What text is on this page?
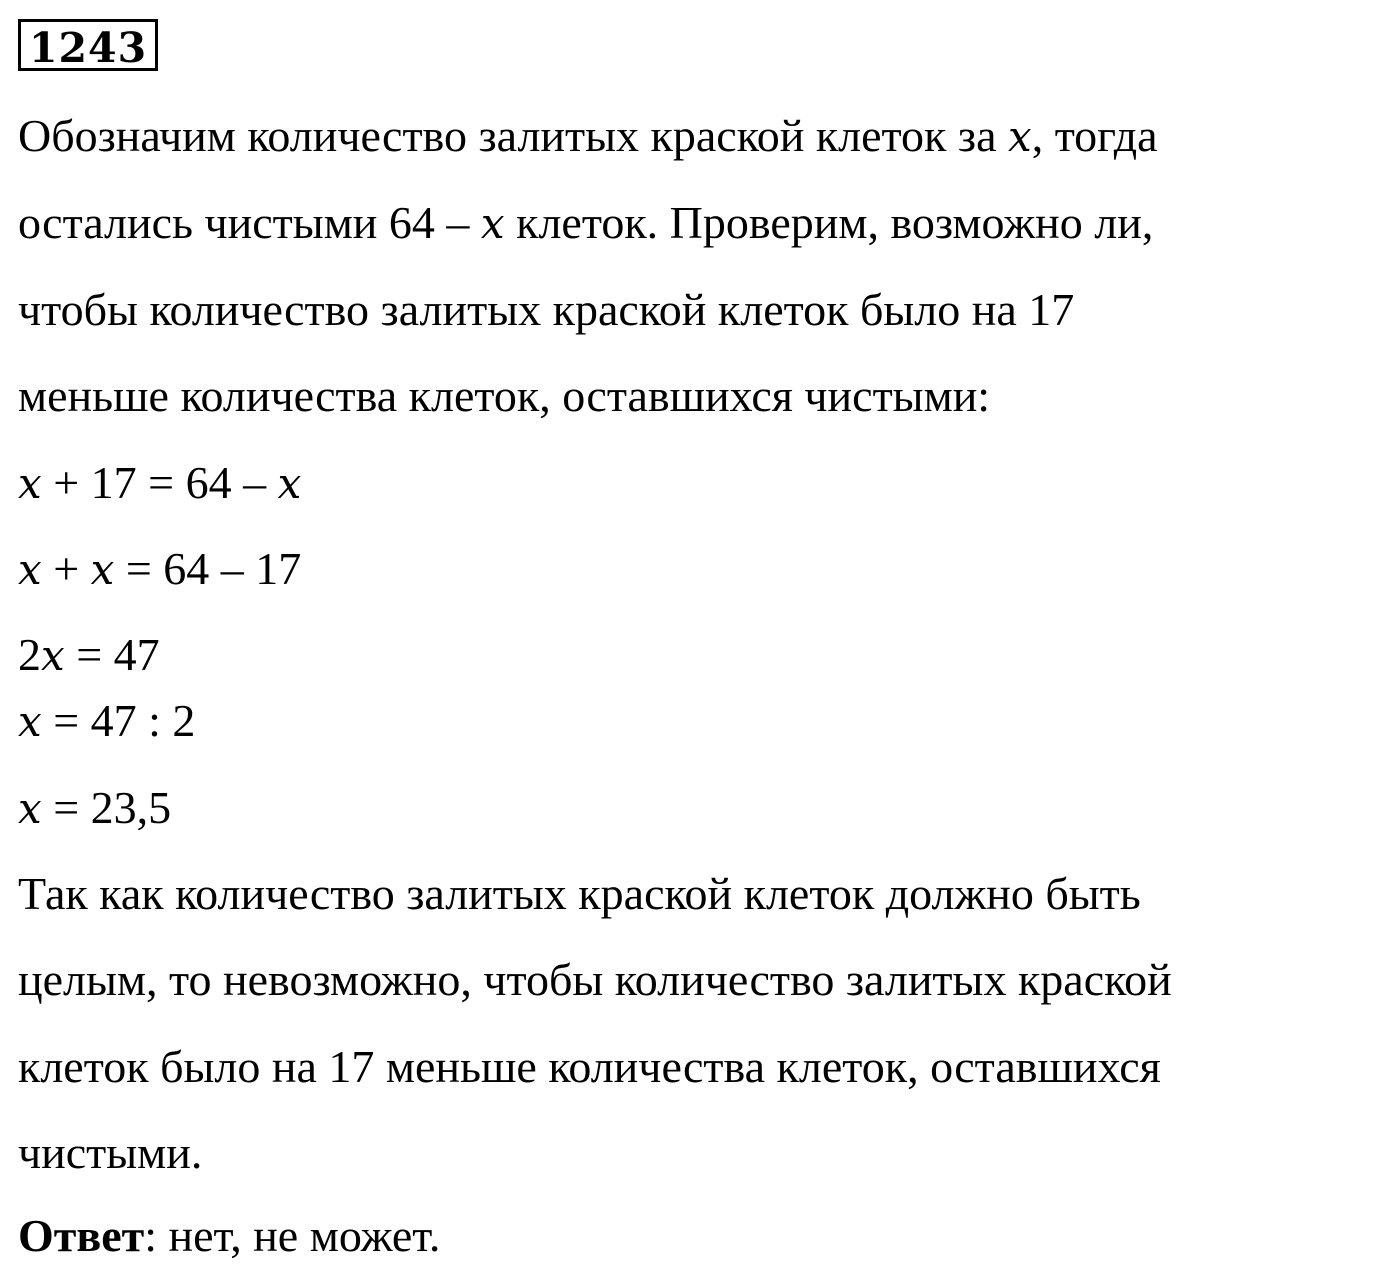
1243
Обозначим количество залитых краской клеток за x, тогда
остались чистыми 64 – x клеток. Проверим, возможно ли,
чтобы количество залитых краской клеток было на 17
меньше количества клеток, оставшихся чистыми:
x + 17 = 64 – x
x + x = 64 – 17
2x = 47
x = 47 : 2
x = 23,5
Так как количество залитых краской клеток должно быть
целым, то невозможно, чтобы количество залитых краской
клеток было на 17 меньше количества клеток, оставшихся
чистыми.
Ответ: нет, не может.
